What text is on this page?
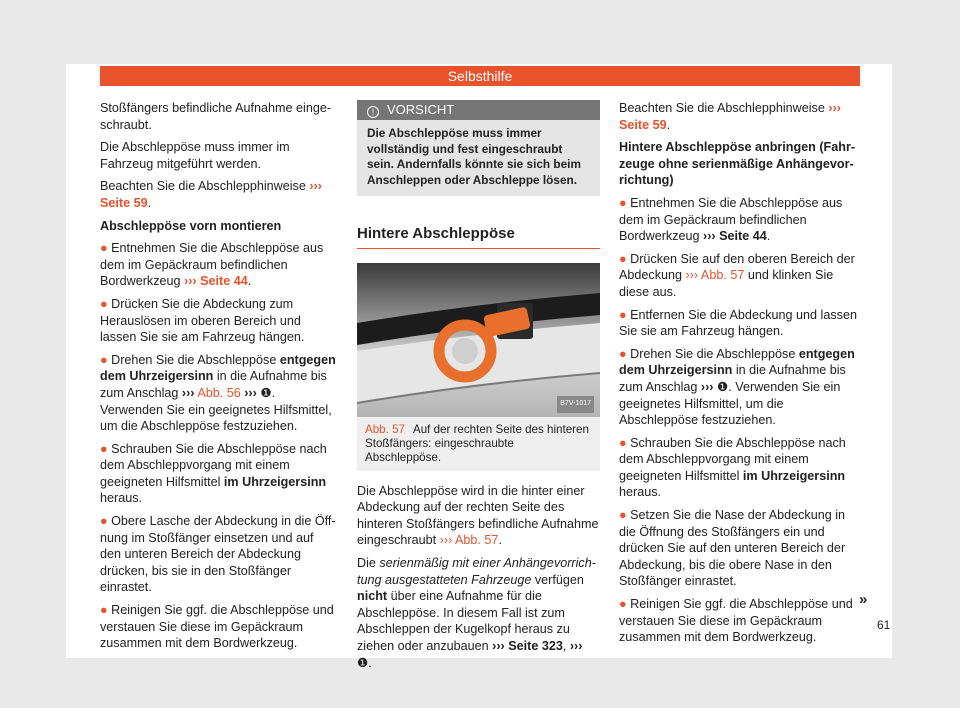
Selbsthilfe

Stoßfängers befindliche Aufnahme eingeschraubt.

Die Abschleppöse muss immer im Fahrzeug mitgeführt werden.

Beachten Sie die Abschlepphinweise ››› Seite 59.

Abschleppöse vorn montieren

● Entnehmen Sie die Abschleppöse aus dem im Gepäckraum befindlichen Bordwerkzeug ››› Seite 44.

● Drücken Sie die Abdeckung zum Herauslösen im oberen Bereich und lassen Sie sie am Fahrzeug hängen.

● Drehen Sie die Abschleppöse entgegen dem Uhrzeigersinn in die Aufnahme bis zum Anschlag ››› Abb. 56 ››› ❶. Verwenden Sie ein geeignetes Hilfsmittel, um die Abschleppöse festzuziehen.

● Schrauben Sie die Abschleppöse nach dem Abschleppvorgang mit einem geeigneten Hilfsmittel im Uhrzeigersinn heraus.

● Obere Lasche der Abdeckung in die Öffnung im Stoßfänger einsetzen und auf den unteren Bereich der Abdeckung drücken, bis sie in den Stoßfänger einrastet.

● Reinigen Sie ggf. die Abschleppöse und verstauen Sie diese im Gepäckraum zusammen mit dem Bordwerkzeug.

! VORSICHT
Die Abschleppöse muss immer vollständig und fest eingeschraubt sein. Andernfalls könnte sie sich beim Anschleppen oder Abschleppe lösen.
Hintere Abschleppöse
B7V-1017
Abb. 57 Auf der rechten Seite des hinteren Stoßfängers: eingeschraubte Abschleppöse.

Die Abschleppöse wird in die hinter einer Abdeckung auf der rechten Seite des hinteren Stoßfängers befindliche Aufnahme eingeschraubt ››› Abb. 57.

Die serienmäßig mit einer Anhängevorrichtung ausgestatteten Fahrzeuge verfügen nicht über eine Aufnahme für die Abschleppöse. In diesem Fall ist zum Abschleppen der Kugelkopf heraus zu ziehen oder anzubauen ››› Seite 323, ››› ❶.

Beachten Sie die Abschlepphinweise ››› Seite 59.

Hintere Abschleppöse anbringen (Fahrzeuge ohne serienmäßige Anhängevorrichtung)

● Entnehmen Sie die Abschleppöse aus dem im Gepäckraum befindlichen Bordwerkzeug ››› Seite 44.

● Drücken Sie auf den oberen Bereich der Abdeckung ››› Abb. 57 und klinken Sie diese aus.

● Entfernen Sie die Abdeckung und lassen Sie sie am Fahrzeug hängen.

● Drehen Sie die Abschleppöse entgegen dem Uhrzeigersinn in die Aufnahme bis zum Anschlag ››› ❶. Verwenden Sie ein geeignetes Hilfsmittel, um die Abschleppöse festzuziehen.

● Schrauben Sie die Abschleppöse nach dem Abschleppvorgang mit einem geeigneten Hilfsmittel im Uhrzeigersinn heraus.

● Setzen Sie die Nase der Abdeckung in die Öffnung des Stoßfängers ein und drücken Sie auf den unteren Bereich der Abdeckung, bis die obere Nase in den Stoßfänger einrastet.

● Reinigen Sie ggf. die Abschleppöse und verstauen Sie diese im Gepäckraum zusammen mit dem Bordwerkzeug.

»
61
